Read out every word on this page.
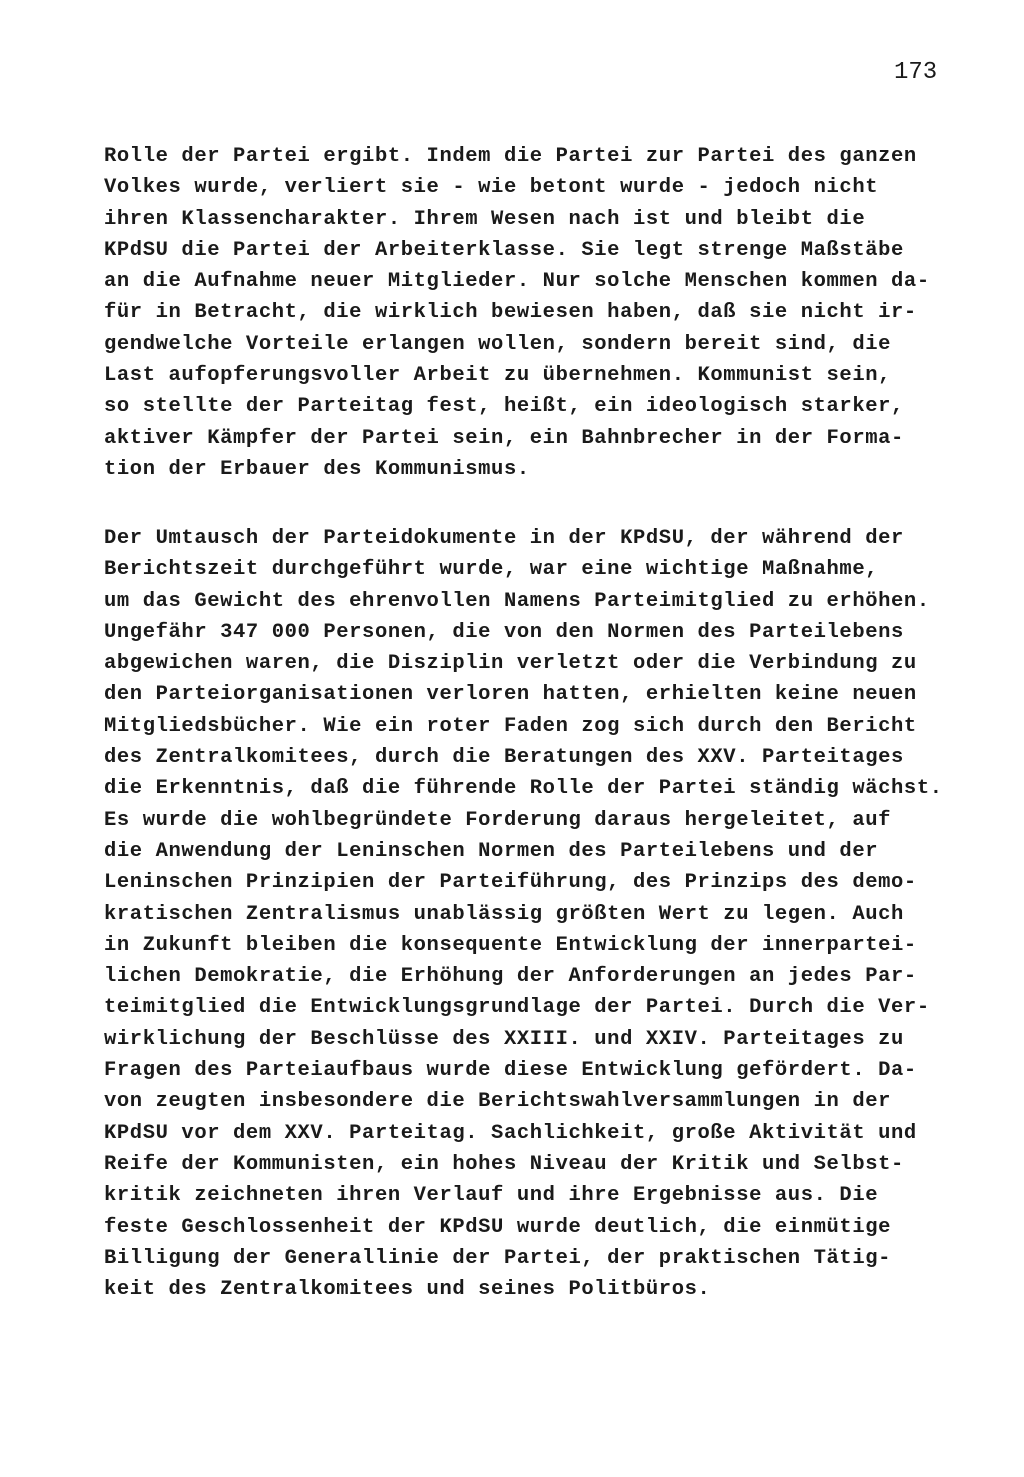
173

Rolle der Partei ergibt. Indem die Partei zur Partei des ganzen
Volkes wurde, verliert sie - wie betont wurde - jedoch nicht
ihren Klassencharakter. Ihrem Wesen nach ist und bleibt die
KPdSU die Partei der Arbeiterklasse. Sie legt strenge Maßstäbe
an die Aufnahme neuer Mitglieder. Nur solche Menschen kommen da-
für in Betracht, die wirklich bewiesen haben, daß sie nicht ir-
gendwelche Vorteile erlangen wollen, sondern bereit sind, die
Last aufopferungsvoller Arbeit zu übernehmen. Kommunist sein,
so stellte der Parteitag fest, heißt, ein ideologisch starker,
aktiver Kämpfer der Partei sein, ein Bahnbrecher in der Forma-
tion der Erbauer des Kommunismus.

Der Umtausch der Parteidokumente in der KPdSU, der während der
Berichtszeit durchgeführt wurde, war eine wichtige Maßnahme,
um das Gewicht des ehrenvollen Namens Parteimitglied zu erhöhen.
Ungefähr 347 000 Personen, die von den Normen des Parteilebens
abgewichen waren, die Disziplin verletzt oder die Verbindung zu
den Parteiorganisationen verloren hatten, erhielten keine neuen
Mitgliedsbücher. Wie ein roter Faden zog sich durch den Bericht
des Zentralkomitees, durch die Beratungen des XXV. Parteitages
die Erkenntnis, daß die führende Rolle der Partei ständig wächst.
Es wurde die wohlbegründete Forderung daraus hergeleitet, auf
die Anwendung der Leninschen Normen des Parteilebens und der
Leninschen Prinzipien der Parteiführung, des Prinzips des demo-
kratischen Zentralismus unablässig größten Wert zu legen. Auch
in Zukunft bleiben die konsequente Entwicklung der innerpartei-
lichen Demokratie, die Erhöhung der Anforderungen an jedes Par-
teimitglied die Entwicklungsgrundlage der Partei. Durch die Ver-
wirklichung der Beschlüsse des XXIII. und XXIV. Parteitages zu
Fragen des Parteiaufbaus wurde diese Entwicklung gefördert. Da-
von zeugten insbesondere die Berichtswahlversammlungen in der
KPdSU vor dem XXV. Parteitag. Sachlichkeit, große Aktivität und
Reife der Kommunisten, ein hohes Niveau der Kritik und Selbst-
kritik zeichneten ihren Verlauf und ihre Ergebnisse aus. Die
feste Geschlossenheit der KPdSU wurde deutlich, die einmütige
Billigung der Generallinie der Partei, der praktischen Tätig-
keit des Zentralkomitees und seines Politbüros.
